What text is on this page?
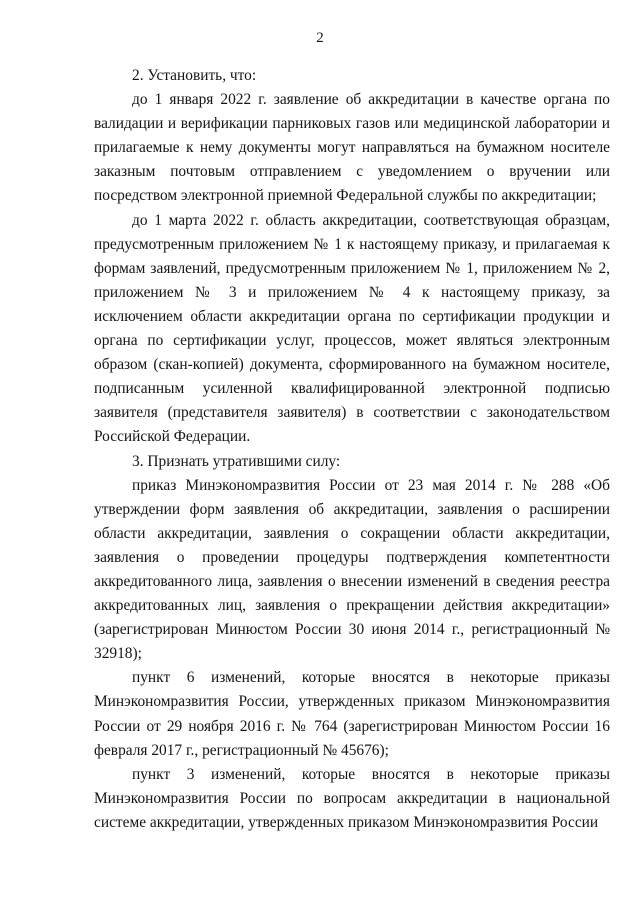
2

2. Установить, что:

до 1 января 2022 г. заявление об аккредитации в качестве органа по валидации и верификации парниковых газов или медицинской лаборатории и прилагаемые к нему документы могут направляться на бумажном носителе заказным почтовым отправлением с уведомлением о вручении или посредством электронной приемной Федеральной службы по аккредитации;

до 1 марта 2022 г. область аккредитации, соответствующая образцам, предусмотренным приложением № 1 к настоящему приказу, и прилагаемая к формам заявлений, предусмотренным приложением № 1, приложением № 2, приложением № 3 и приложением № 4 к настоящему приказу, за исключением области аккредитации органа по сертификации продукции и органа по сертификации услуг, процессов, может являться электронным образом (скан-копией) документа, сформированного на бумажном носителе, подписанным усиленной квалифицированной электронной подписью заявителя (представителя заявителя) в соответствии с законодательством Российской Федерации.

3. Признать утратившими силу:

приказ Минэкономразвития России от 23 мая 2014 г. № 288 «Об утверждении форм заявления об аккредитации, заявления о расширении области аккредитации, заявления о сокращении области аккредитации, заявления о проведении процедуры подтверждения компетентности аккредитованного лица, заявления о внесении изменений в сведения реестра аккредитованных лиц, заявления о прекращении действия аккредитации» (зарегистрирован Минюстом России 30 июня 2014 г., регистрационный № 32918);

пункт 6 изменений, которые вносятся в некоторые приказы Минэкономразвития России, утвержденных приказом Минэкономразвития России от 29 ноября 2016 г. № 764 (зарегистрирован Минюстом России 16 февраля 2017 г., регистрационный № 45676);

пункт 3 изменений, которые вносятся в некоторые приказы Минэкономразвития России по вопросам аккредитации в национальной системе аккредитации, утвержденных приказом Минэкономразвития России
